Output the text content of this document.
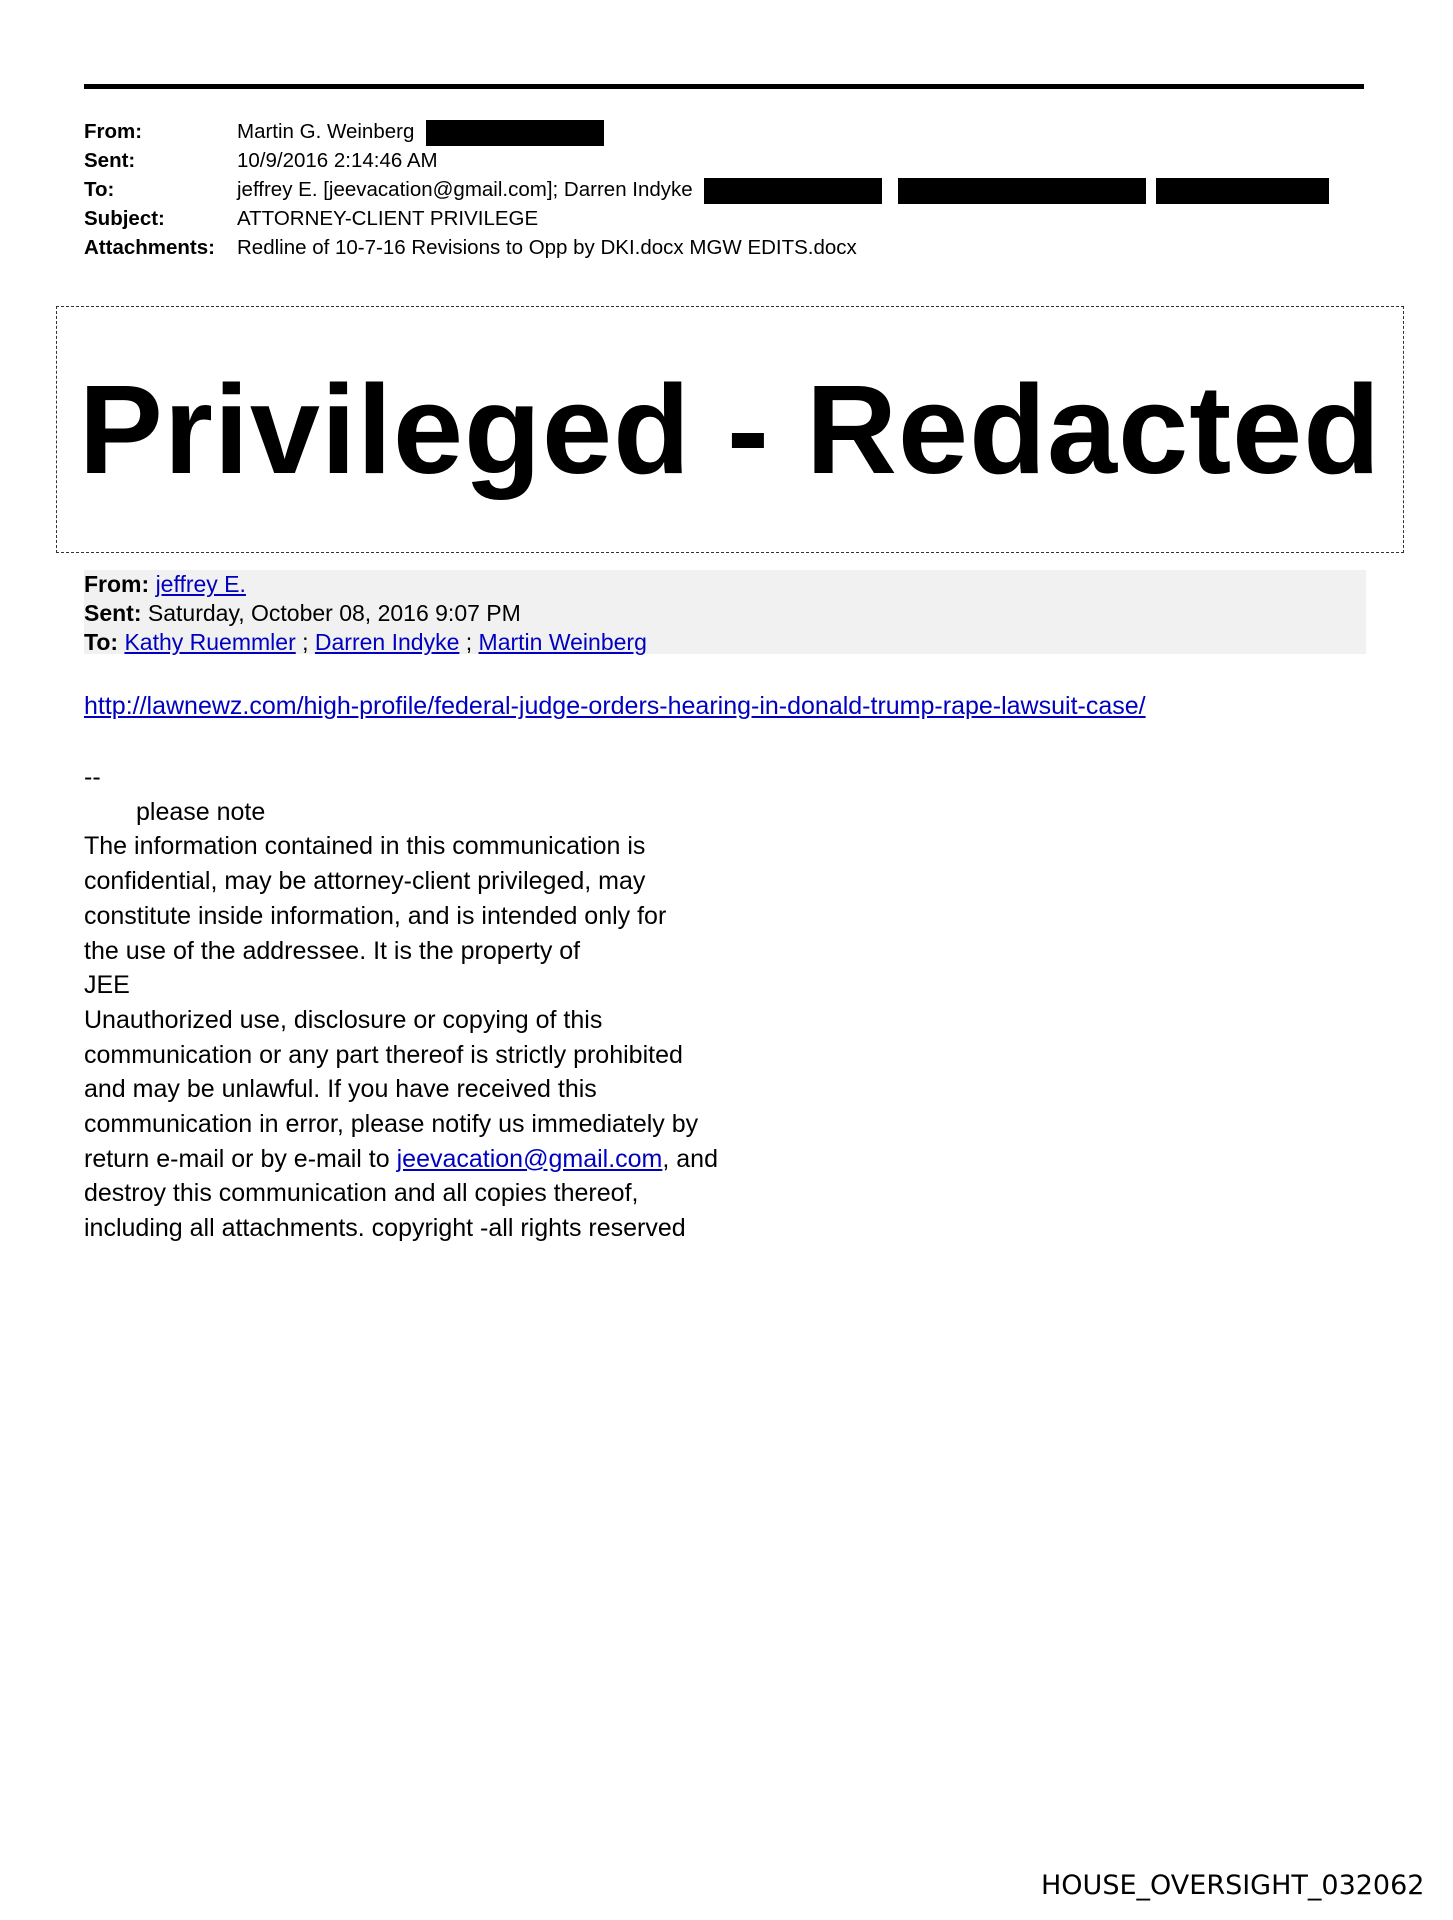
From:	Martin G. Weinberg
Sent:	10/9/2016 2:14:46 AM
To:	jeffrey E. [jeevacation@gmail.com]; Darren Indyke
Subject:	ATTORNEY-CLIENT PRIVILEGE
Attachments: Redline of 10-7-16 Revisions to Opp by DKI.docx MGW EDITS.docx
Privileged - Redacted
From: jeffrey E.
Sent: Saturday, October 08, 2016 9:07 PM
To: Kathy Ruemmler ; Darren Indyke ; Martin Weinberg
http://lawnewz.com/high-profile/federal-judge-orders-hearing-in-donald-trump-rape-lawsuit-case/
--
please note
The information contained in this communication is
confidential, may be attorney-client privileged, may
constitute inside information, and is intended only for
the use of the addressee. It is the property of
JEE
Unauthorized use, disclosure or copying of this
communication or any part thereof is strictly prohibited
and may be unlawful. If you have received this
communication in error, please notify us immediately by
return e-mail or by e-mail to jeevacation@gmail.com, and
destroy this communication and all copies thereof,
including all attachments. copyright -all rights reserved
HOUSE_OVERSIGHT_032062
